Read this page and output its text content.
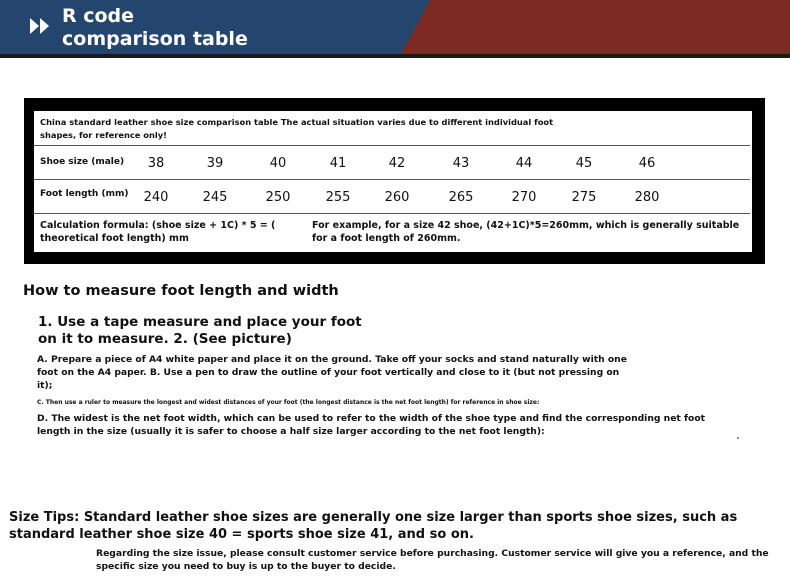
R code
comparison table
China standard leather shoe size comparison table The actual situation varies due to different individual foot shapes, for reference only!
Shoe size (male)	38	39	40	41	42	43	44	45	46
Foot length (mm)	240	245	250	255	260	265	270	275	280
Calculation formula: (shoe size + 1C) * 5 = ( theoretical foot length) mm
For example, for a size 42 shoe, (42+1C)*5=260mm, which is generally suitable for a foot length of 260mm.
How to measure foot length and width
1. Use a tape measure and place your foot on it to measure. 2. (See picture)
A. Prepare a piece of A4 white paper and place it on the ground. Take off your socks and stand naturally with one foot on the A4 paper. B. Use a pen to draw the outline of your foot vertically and close to it (but not pressing on it);
C. Then use a ruler to measure the longest and widest distances of your foot (the longest distance is the net foot length) for reference in shoe size:
D. The widest is the net foot width, which can be used to refer to the width of the shoe type and find the corresponding net foot length in the size (usually it is safer to choose a half size larger according to the net foot length):
Size Tips: Standard leather shoe sizes are generally one size larger than sports shoe sizes, such as standard leather shoe size 40 = sports shoe size 41, and so on.
Regarding the size issue, please consult customer service before purchasing. Customer service will give you a reference, and the specific size you need to buy is up to the buyer to decide.
